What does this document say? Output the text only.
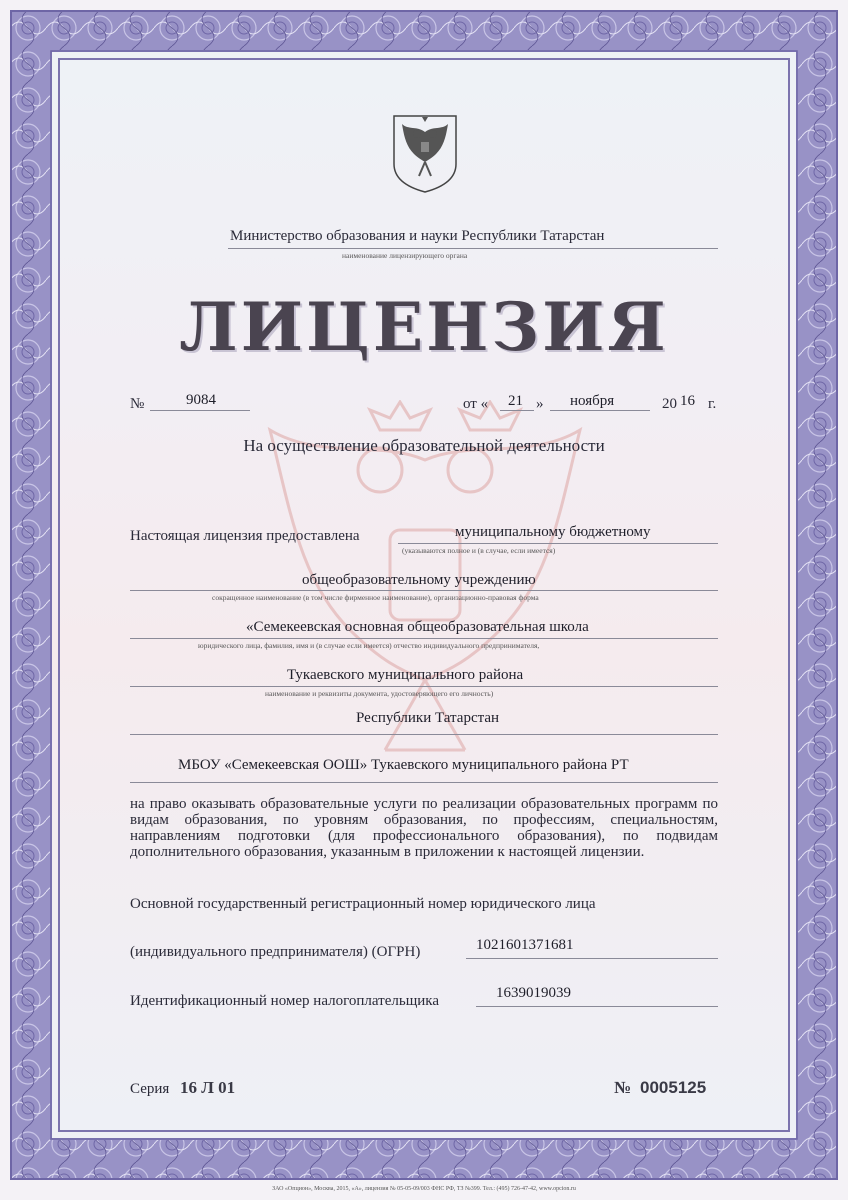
Министерство образования и науки Республики Татарстан
наименование лицензирующего органа
ЛИЦЕНЗИЯ
№	9084	от « 21 » ноября	20 16 г.
На осуществление образовательной деятельности
Настоящая лицензия предоставлена	муниципальному бюджетному
(указываются полное и (в случае, если имеется)
общеобразовательному учреждению
сокращенное наименование (в том числе фирменное наименование), организационно-правовая форма
«Семекеевская основная общеобразовательная школа
юридического лица, фамилия, имя и (в случае если имеется) отчество индивидуального предпринимателя,
Тукаевского муниципального района
наименование и реквизиты документа, удостоверяющего его личность)
Республики Татарстан
МБОУ «Семекеевская ООШ» Тукаевского муниципального района РТ
на право оказывать образовательные услуги по реализации образовательных программ по видам образования, по уровням образования, по профессиям, специальностям, направлениям подготовки (для профессионального образования), по подвидам дополнительного образования, указанным в приложении к настоящей лицензии.
Основной государственный регистрационный номер юридического лица
(индивидуального предпринимателя) (ОГРН)	1021601371681
Идентификационный номер налогоплательщика	1639019039
Серия 16 Л 01	№ 0005125
ЗАО «Опцион», Москва, 2015, «А», лицензия № 05-05-09/003 ФНС РФ, ТЗ №399. Тел.: (495) 726-47-42, www.opcion.ru
